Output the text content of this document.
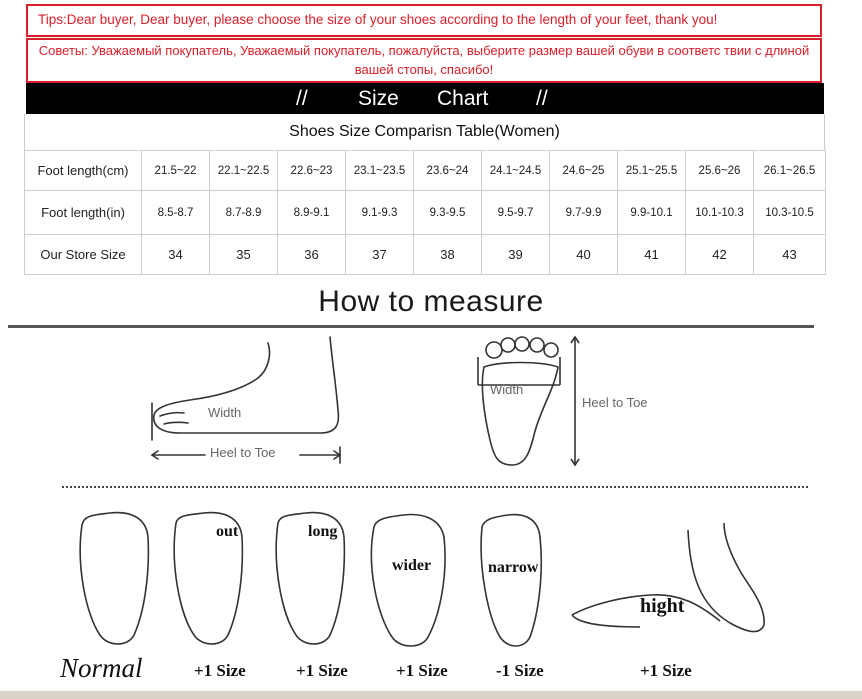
Tips:Dear buyer, Dear buyer, please choose the size of your shoes according to the length of your feet, thank you!
Советы: Уважаемый покупатель, Уважаемый покупатель, пожалуйста, выберите размер вашей обуви в соответс твии с длиной вашей стопы, спасибо!
// Size Chart //
Shoes Size Comparisn Table(Women)
Foot length(cm)	21.5~22	22.1~22.5	22.6~23	23.1~23.5	23.6~24	24.1~24.5	24.6~25	25.1~25.5	25.6~26	26.1~26.5
Foot length(in)	8.5-8.7	8.7-8.9	8.9-9.1	9.1-9.3	9.3-9.5	9.5-9.7	9.7-9.9	9.9-10.1	10.1-10.3	10.3-10.5
Our Store Size	34	35	36	37	38	39	40	41	42	43
How to measure
Width
Heel to Toe
Width
Heel to Toe
out	long
wider	narrow
hight
Normal	+1 Size	+1 Size	+1 Size	-1 Size	+1 Size
